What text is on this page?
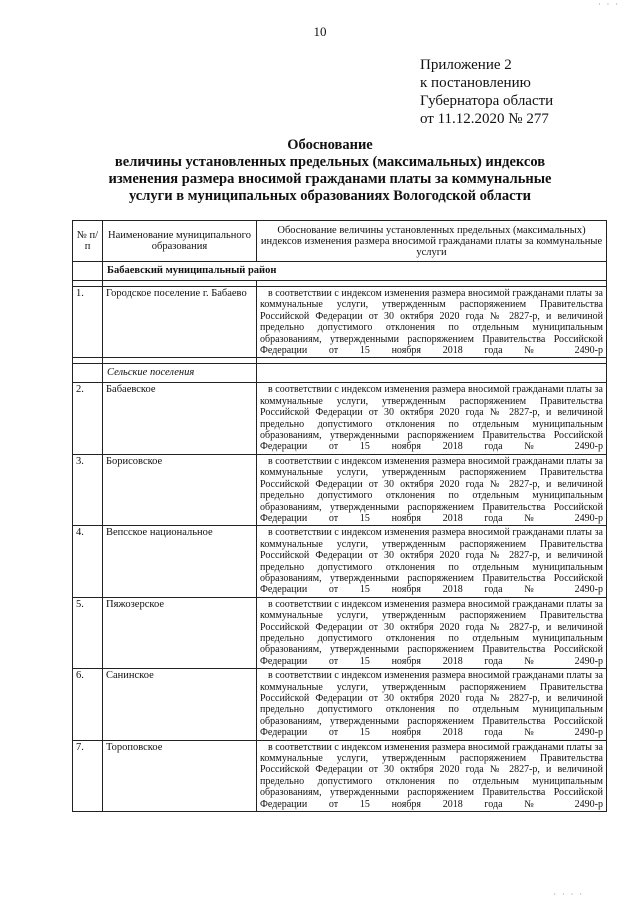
· · ·
10
Приложение 2
к постановлению
Губернатора области
от 11.12.2020 № 277
Обоснование
величины установленных предельных (максимальных) индексов
изменения размера вносимой гражданами платы за коммунальные
услуги в муниципальных образованиях Вологодской области
№ п/п	Наименование муниципального образования	Обоснование величины установленных предельных (максимальных) индексов изменения размера вносимой гражданами платы за коммунальные услуги
	Бабаевский муниципальный район	

1.	Городское поселение г. Бабаево	в соответствии с индексом изменения размера вносимой гражданами платы за коммунальные услуги, утвержденным распоряжением Правительства Российской Федерации от 30 октября 2020 года № 2827-р, и величиной предельно допустимого отклонения по отдельным муниципальным образованиям, утвержденными распоряжением Правительства Российской Федерации от 15 ноября 2018 года № 2490-р

	Сельские поселения	
2.	Бабаевское	в соответствии с индексом изменения размера вносимой гражданами платы за коммунальные услуги, утвержденным распоряжением Правительства Российской Федерации от 30 октября 2020 года № 2827-р, и величиной предельно допустимого отклонения по отдельным муниципальным образованиям, утвержденными распоряжением Правительства Российской Федерации от 15 ноября 2018 года № 2490-р
3.	Борисовское	в соответствии с индексом изменения размера вносимой гражданами платы за коммунальные услуги, утвержденным распоряжением Правительства Российской Федерации от 30 октября 2020 года № 2827-р, и величиной предельно допустимого отклонения по отдельным муниципальным образованиям, утвержденными распоряжением Правительства Российской Федерации от 15 ноября 2018 года № 2490-р
4.	Вепсское национальное	в соответствии с индексом изменения размера вносимой гражданами платы за коммунальные услуги, утвержденным распоряжением Правительства Российской Федерации от 30 октября 2020 года № 2827-р, и величиной предельно допустимого отклонения по отдельным муниципальным образованиям, утвержденными распоряжением Правительства Российской Федерации от 15 ноября 2018 года № 2490-р
5.	Пяжозерское	в соответствии с индексом изменения размера вносимой гражданами платы за коммунальные услуги, утвержденным распоряжением Правительства Российской Федерации от 30 октября 2020 года № 2827-р, и величиной предельно допустимого отклонения по отдельным муниципальным образованиям, утвержденными распоряжением Правительства Российской Федерации от 15 ноября 2018 года № 2490-р
6.	Санинское	в соответствии с индексом изменения размера вносимой гражданами платы за коммунальные услуги, утвержденным распоряжением Правительства Российской Федерации от 30 октября 2020 года № 2827-р, и величиной предельно допустимого отклонения по отдельным муниципальным образованиям, утвержденными распоряжением Правительства Российской Федерации от 15 ноября 2018 года № 2490-р
7.	Тороповское	в соответствии с индексом изменения размера вносимой гражданами платы за коммунальные услуги, утвержденным распоряжением Правительства Российской Федерации от 30 октября 2020 года № 2827-р, и величиной предельно допустимого отклонения по отдельным муниципальным образованиям, утвержденными распоряжением Правительства Российской Федерации от 15 ноября 2018 года № 2490-р
· · · ·
